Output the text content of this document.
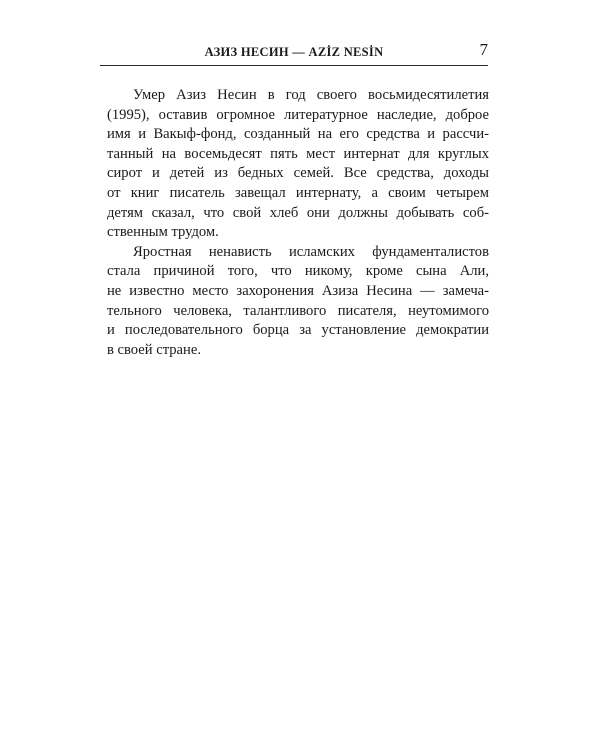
АЗИЗ НЕСИН — AZİZ NESİN	7
Умер Азиз Несин в год своего восьмидесятилетия
(1995), оставив огромное литературное наследие, доброе
имя и Вакыф-фонд, созданный на его средства и рассчи-
танный на восемьдесят пять мест интернат для круглых
сирот и детей из бедных семей. Все средства, доходы
от книг писатель завещал интернату, а своим четырем
детям сказал, что свой хлеб они должны добывать соб-
ственным трудом.
Яростная ненависть исламских фундаменталистов
стала причиной того, что никому, кроме сына Али,
не известно место захоронения Азиза Несина — замеча-
тельного человека, талантливого писателя, неутомимого
и последовательного борца за установление демократии
в своей стране.
